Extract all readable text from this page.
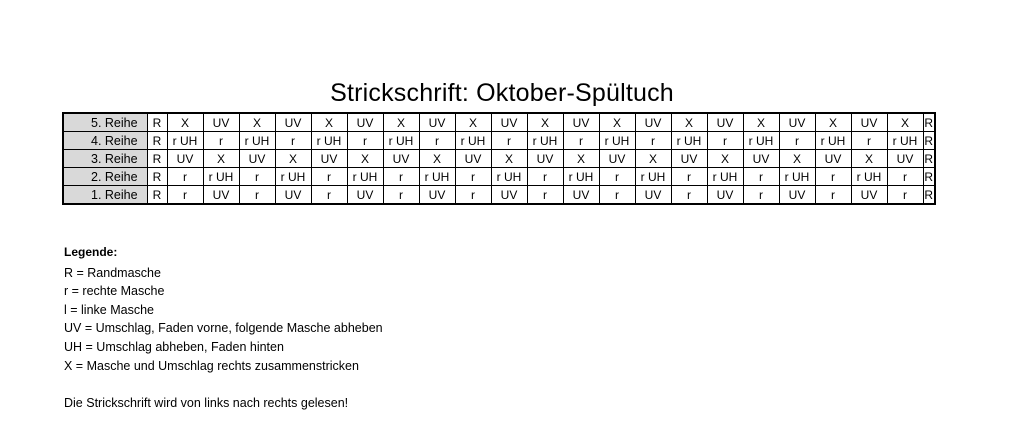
Strickschrift: Oktober-Spültuch
5. Reihe	R	X	UV	X	UV	X	UV	X	UV	X	UV	X	UV	X	UV	X	UV	X	UV	X	UV	X	R
4. Reihe	R	r UH	r	r UH	r	r UH	r	r UH	r	r UH	r	r UH	r	r UH	r	r UH	r	r UH	r	r UH	r	r UH	R
3. Reihe	R	UV	X	UV	X	UV	X	UV	X	UV	X	UV	X	UV	X	UV	X	UV	X	UV	X	UV	R
2. Reihe	R	r	r UH	r	r UH	r	r UH	r	r UH	r	r UH	r	r UH	r	r UH	r	r UH	r	r UH	r	r UH	r	R
1. Reihe	R	r	UV	r	UV	r	UV	r	UV	r	UV	r	UV	r	UV	r	UV	r	UV	r	UV	r	R
Legende:
R = Randmasche
r = rechte Masche
l = linke Masche
UV = Umschlag, Faden vorne, folgende Masche abheben
UH = Umschlag abheben, Faden hinten
X = Masche und Umschlag rechts zusammenstricken
Die Strickschrift wird von links nach rechts gelesen!
